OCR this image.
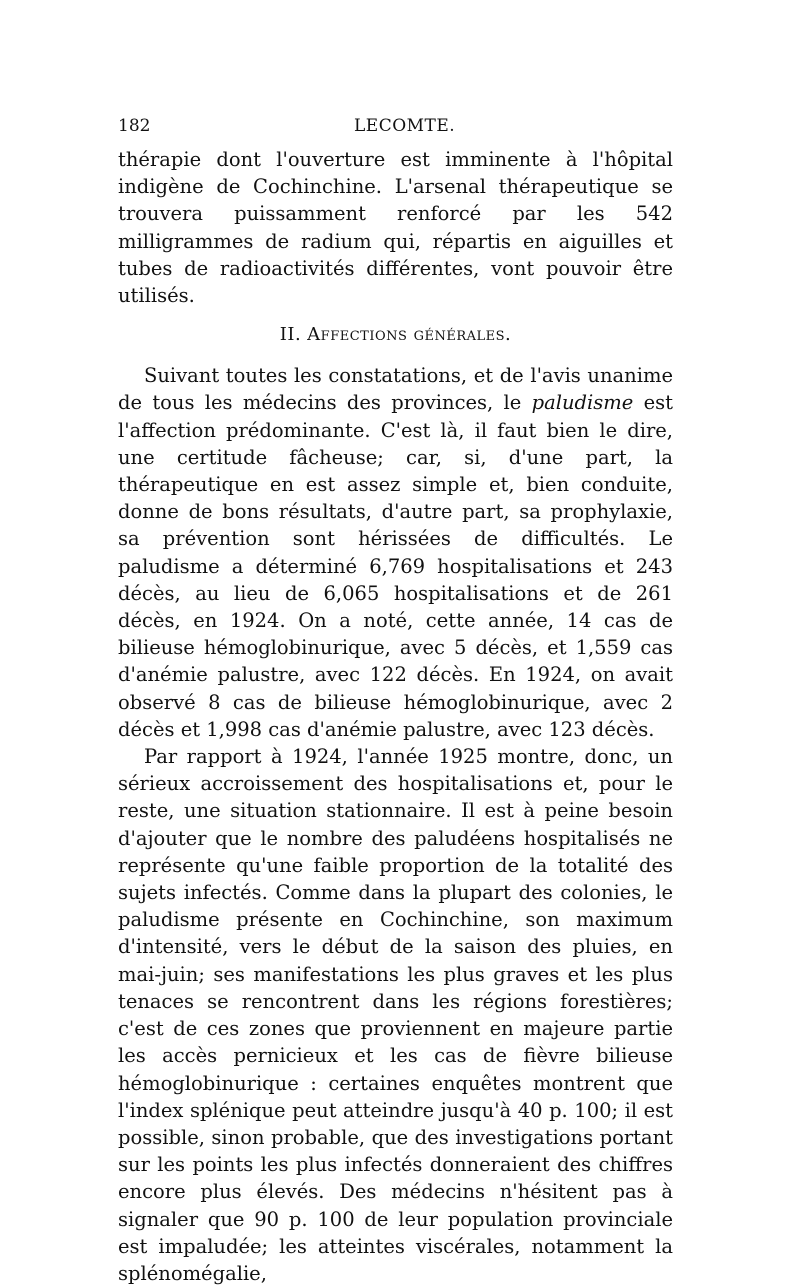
182	LECOMTE.

thérapie dont l'ouverture est imminente à l'hôpital indigène de Cochinchine. L'arsenal thérapeutique se trouvera puissamment renforcé par les 542 milligrammes de radium qui, répartis en aiguilles et tubes de radioactivités différentes, vont pouvoir être utilisés.

II. Affections générales.

Suivant toutes les constatations, et de l'avis unanime de tous les médecins des provinces, le paludisme est l'affection prédominante. C'est là, il faut bien le dire, une certitude fâcheuse; car, si, d'une part, la thérapeutique en est assez simple et, bien conduite, donne de bons résultats, d'autre part, sa prophylaxie, sa prévention sont hérissées de difficultés. Le paludisme a déterminé 6,769 hospitalisations et 243 décès, au lieu de 6,065 hospitalisations et de 261 décès, en 1924. On a noté, cette année, 14 cas de bilieuse hémoglobinurique, avec 5 décès, et 1,559 cas d'anémie palustre, avec 122 décès. En 1924, on avait observé 8 cas de bilieuse hémoglobinurique, avec 2 décès et 1,998 cas d'anémie palustre, avec 123 décès.

Par rapport à 1924, l'année 1925 montre, donc, un sérieux accroissement des hospitalisations et, pour le reste, une situation stationnaire. Il est à peine besoin d'ajouter que le nombre des paludéens hospitalisés ne représente qu'une faible proportion de la totalité des sujets infectés. Comme dans la plupart des colonies, le paludisme présente en Cochinchine, son maximum d'intensité, vers le début de la saison des pluies, en mai-juin; ses manifestations les plus graves et les plus tenaces se rencontrent dans les régions forestières; c'est de ces zones que proviennent en majeure partie les accès pernicieux et les cas de fièvre bilieuse hémoglobinurique : certaines enquêtes montrent que l'index splénique peut atteindre jusqu'à 40 p. 100; il est possible, sinon probable, que des investigations portant sur les points les plus infectés donneraient des chiffres encore plus élevés. Des médecins n'hésitent pas à signaler que 90 p. 100 de leur population provinciale est impaludée; les atteintes viscérales, notamment la splénomégalie,
